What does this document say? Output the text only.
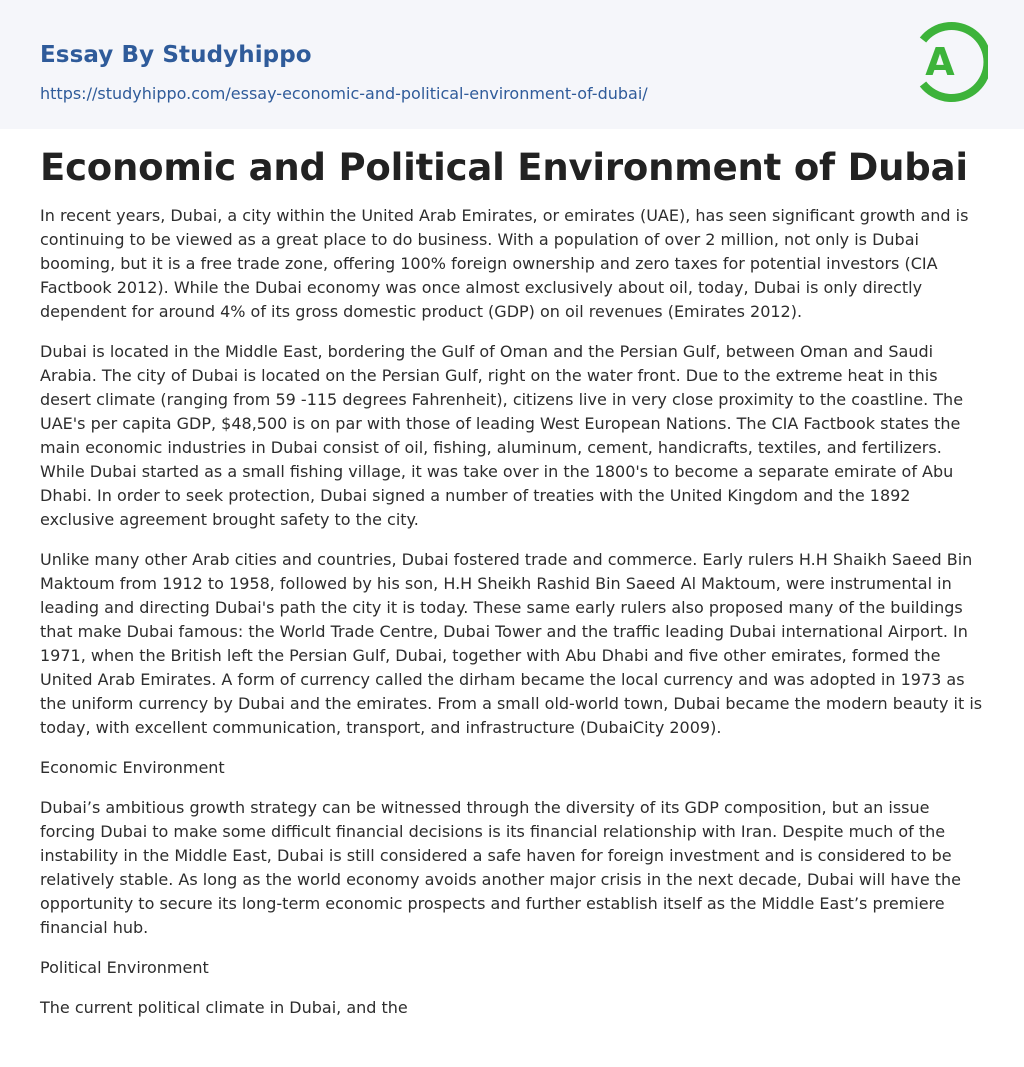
Essay By Studyhippo
https://studyhippo.com/essay-economic-and-political-environment-of-dubai/
A
Economic and Political Environment of Dubai

In recent years, Dubai, a city within the United Arab Emirates, or emirates (UAE), has seen significant growth and is continuing to be viewed as a great place to do business. With a population of over 2 million, not only is Dubai booming, but it is a free trade zone, offering 100% foreign ownership and zero taxes for potential investors (CIA Factbook 2012). While the Dubai economy was once almost exclusively about oil, today, Dubai is only directly dependent for around 4% of its gross domestic product (GDP) on oil revenues (Emirates 2012).

Dubai is located in the Middle East, bordering the Gulf of Oman and the Persian Gulf, between Oman and Saudi Arabia. The city of Dubai is located on the Persian Gulf, right on the water front. Due to the extreme heat in this desert climate (ranging from 59 -115 degrees Fahrenheit), citizens live in very close proximity to the coastline. The UAE's per capita GDP, $48,500 is on par with those of leading West European Nations. The CIA Factbook states the main economic industries in Dubai consist of oil, fishing, aluminum, cement, handicrafts, textiles, and fertilizers. While Dubai started as a small fishing village, it was take over in the 1800's to become a separate emirate of Abu Dhabi. In order to seek protection, Dubai signed a number of treaties with the United Kingdom and the 1892 exclusive agreement brought safety to the city.

Unlike many other Arab cities and countries, Dubai fostered trade and commerce. Early rulers H.H Shaikh Saeed Bin Maktoum from 1912 to 1958, followed by his son, H.H Sheikh Rashid Bin Saeed Al Maktoum, were instrumental in leading and directing Dubai's path the city it is today. These same early rulers also proposed many of the buildings that make Dubai famous: the World Trade Centre, Dubai Tower and the traffic leading Dubai international Airport. In 1971, when the British left the Persian Gulf, Dubai, together with Abu Dhabi and five other emirates, formed the United Arab Emirates. A form of currency called the dirham became the local currency and was adopted in 1973 as the uniform currency by Dubai and the emirates. From a small old-world town, Dubai became the modern beauty it is today, with excellent communication, transport, and infrastructure (DubaiCity 2009).

Economic Environment

Dubai’s ambitious growth strategy can be witnessed through the diversity of its GDP composition, but an issue forcing Dubai to make some difficult financial decisions is its financial relationship with Iran. Despite much of the instability in the Middle East, Dubai is still considered a safe haven for foreign investment and is considered to be relatively stable. As long as the world economy avoids another major crisis in the next decade, Dubai will have the opportunity to secure its long-term economic prospects and further establish itself as the Middle East’s premiere financial hub.

Political Environment

The current political climate in Dubai, and the
